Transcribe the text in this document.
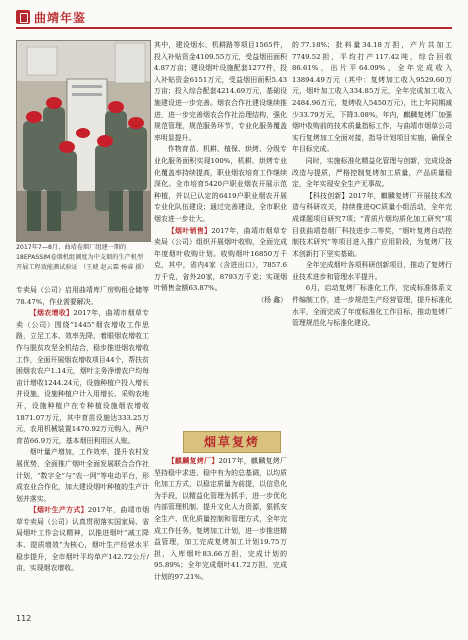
曲靖年鉴
2017年7—8月，曲靖卷烟厂组建一期的18EPASSIM卷烟机组调度为中支烟的生产机型开展工程效能测试验证 （王琥 赵云霖 杨睿 摄）

专卖局（公司）启用曲靖库厂房购租仓储等78.47%，作业需要解决。

【烟农增收】2017年，曲靖市烟草专卖（公司）围绕“1445”烟农增收工作思路，立足工本、效率先降，着眼烟农增收工作与脱贫攻坚全机结合，稳步推进烟农增收工作，全面开展烟农增收项目44个，帮扶贫困烟农农户1.14元，烟叶主务净增农户均每亩计增收1244.24元，设施种植户投入增长并设施，设施种植户计入用增长、采购农地开，设施种植户在专种植设施烟农增收1871.07万元，其中育苗设施达333.25万元，农用机械装置1470.92万元购入，两户育苗66.9万元，基本烟田利用区人账。

烟叶量产增加，工作效率，提升农村发展优势，全面推广烟叶全面发展联合合作社计划，“数字全”与“农一网”等电动平台，形成农业合作化，加大建设烟叶种植的生产计划并落实。

【烟叶生产方式】2017年，曲靖市烟草专卖局（公司）认真贯彻落实国家局、省局烟叶工作会议精神，以推进烟叶“减工降本、提质增效”为核心，烟叶生产经营水平稳步提升，全市烟叶平均单产142.72公斤/亩，实现烟农增收。

其中，建设烟水、机耕路等项目1565件，投入补贴资金4109.55万元，受益烟田面积4.87万亩；建设烟叶设施配套1277件，投入补贴资金6151万元，受益烟田面积5.43万亩；投入综合配套4214.69万元，基础设施建设进一步完善。烟农合作社建设继续推进，进一步完善烟农合作社治理结构，强化规范管理，规范服务环节，专业化服务覆盖率明显提升。

作物育苗、机耕、植保、烘烤、分级专业化服务面积实现100%，机耕、烘烤专业化覆盖率持续提高，职业烟农培育工作继续深化。全市培育5420户职业烟农开展示范种植，并以已认定的6419户职业烟农开展专业化队伍建设；通过完善建设，全市职业烟农进一步壮大。

【烟叶销售】2017年，曲靖市烟草专卖局（公司）组织开展烟叶收购，全面完成年度烟叶收购计划。收购烟叶16850万千克，其中，省内4家（含进出口），7857.6万千克，省外20家，8793万千克；实现烟叶销售金额63.87%。

（杨 鑫）

烟草复烤

【麒麟复烤厂】2017年，麒麟复烤厂坚持稳中求进、稳中有为的总基调，以均质化加工方式，以稳定质量为前提，以信息化为手段，以精益化管理为抓手，进一步优化内部管理机制、提升文化人力资源，狠抓安全生产、优化质量控制和管理方式，全年完成工作任务，复烤加工计划，进一步推进精益管理，加工完成复烤加工计划19.75万担，入库烟叶83.66万担，完成计划的95.89%；全年完成烟叶41.72万担，完成计划的97.21%。

的77.18%；批料量34.18万担，产片共加工7749.52担，平均打产117.42吨，综合回收86.61%，出片平64.09%，全年完成收入13894.49万元（其中：复烤加工收入9529.60万元，烟叶加工收入334.85万元，全年完成加工收入2484.96万元，复烤收入5450万元），比上年同期减少33.79万元，下降3.08%。年内，麒麟复烤厂加强烟叶收购前的技术质量指标工作，与曲靖市烟草公司实行复烤加工全面对接，指导计划项目实施，确保全年目标完成。

同时，实施标准化精益化管理与创新，完成设备改造与提质，严格控制复烤加工质量，产品质量稳定，全年实现安全生产无事故。

【科技创新】2017年，麒麟复烤厂开展技术改造与科研攻关，持续推进QC质量小组活动，全年完成课题项目研究7项；“青质片烟均质化加工研究”项目获曲靖卷烟厂科技进步二等奖，“烟叶复烤自动控制技术研究”等项目进入推广应用阶段，为复烤厂技术创新打下坚实基础。

全年完成烟叶各项科研创新项目，推动了复烤行业技术进步和管理水平提升。

6月，启动复烤厂标准化工作，完成标准体系文件编制工作，进一步规范生产经营管理，提升标准化水平，全面完成了年度标准化工作目标，推动复烤厂管理规范化与标准化建设。

112
